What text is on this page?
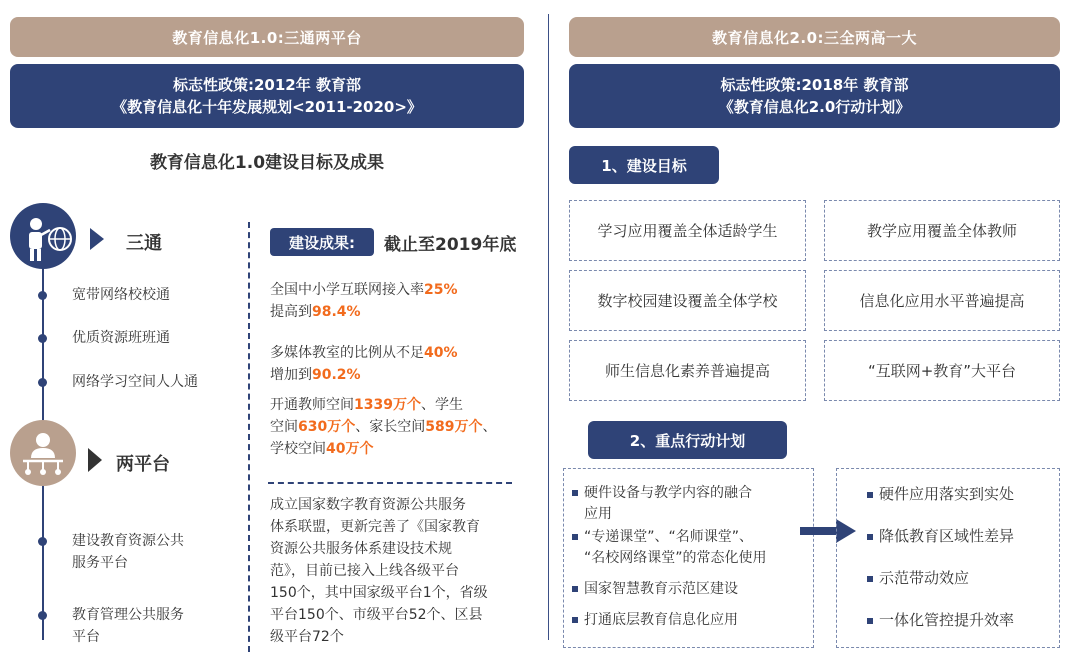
教育信息化1.0:三通两平台
标志性政策:2012年 教育部
《教育信息化十年发展规划<2011-2020>》
教育信息化1.0建设目标及成果
三通
宽带网络校校通
优质资源班班通
网络学习空间人人通
两平台
建设教育资源公共
服务平台
教育管理公共服务
平台
建设成果:	截止至2019年底
全国中小学互联网接入率25%
提高到98.4%
多媒体教室的比例从不足40%
增加到90.2%
开通教师空间1339万个、学生
空间630万个、家长空间589万个、
学校空间40万个
成立国家数字教育资源公共服务
体系联盟，更新完善了《国家教育
资源公共服务体系建设技术规
范》，目前已接入上线各级平台
150个，其中国家级平台1个，省级
平台150个、市级平台52个、区县
级平台72个
教育信息化2.0:三全两高一大
标志性政策:2018年 教育部
《教育信息化2.0行动计划》
1、建设目标
学习应用覆盖全体适龄学生	教学应用覆盖全体教师
数字校园建设覆盖全体学校	信息化应用水平普遍提高
师生信息化素养普遍提高	“互联网+教育”大平台
2、重点行动计划
硬件设备与教学内容的融合
应用
“专递课堂”、“名师课堂”、
“名校网络课堂”的常态化使用
国家智慧教育示范区建设
打通底层教育信息化应用
硬件应用落实到实处
降低教育区域性差异
示范带动效应
一体化管控提升效率
